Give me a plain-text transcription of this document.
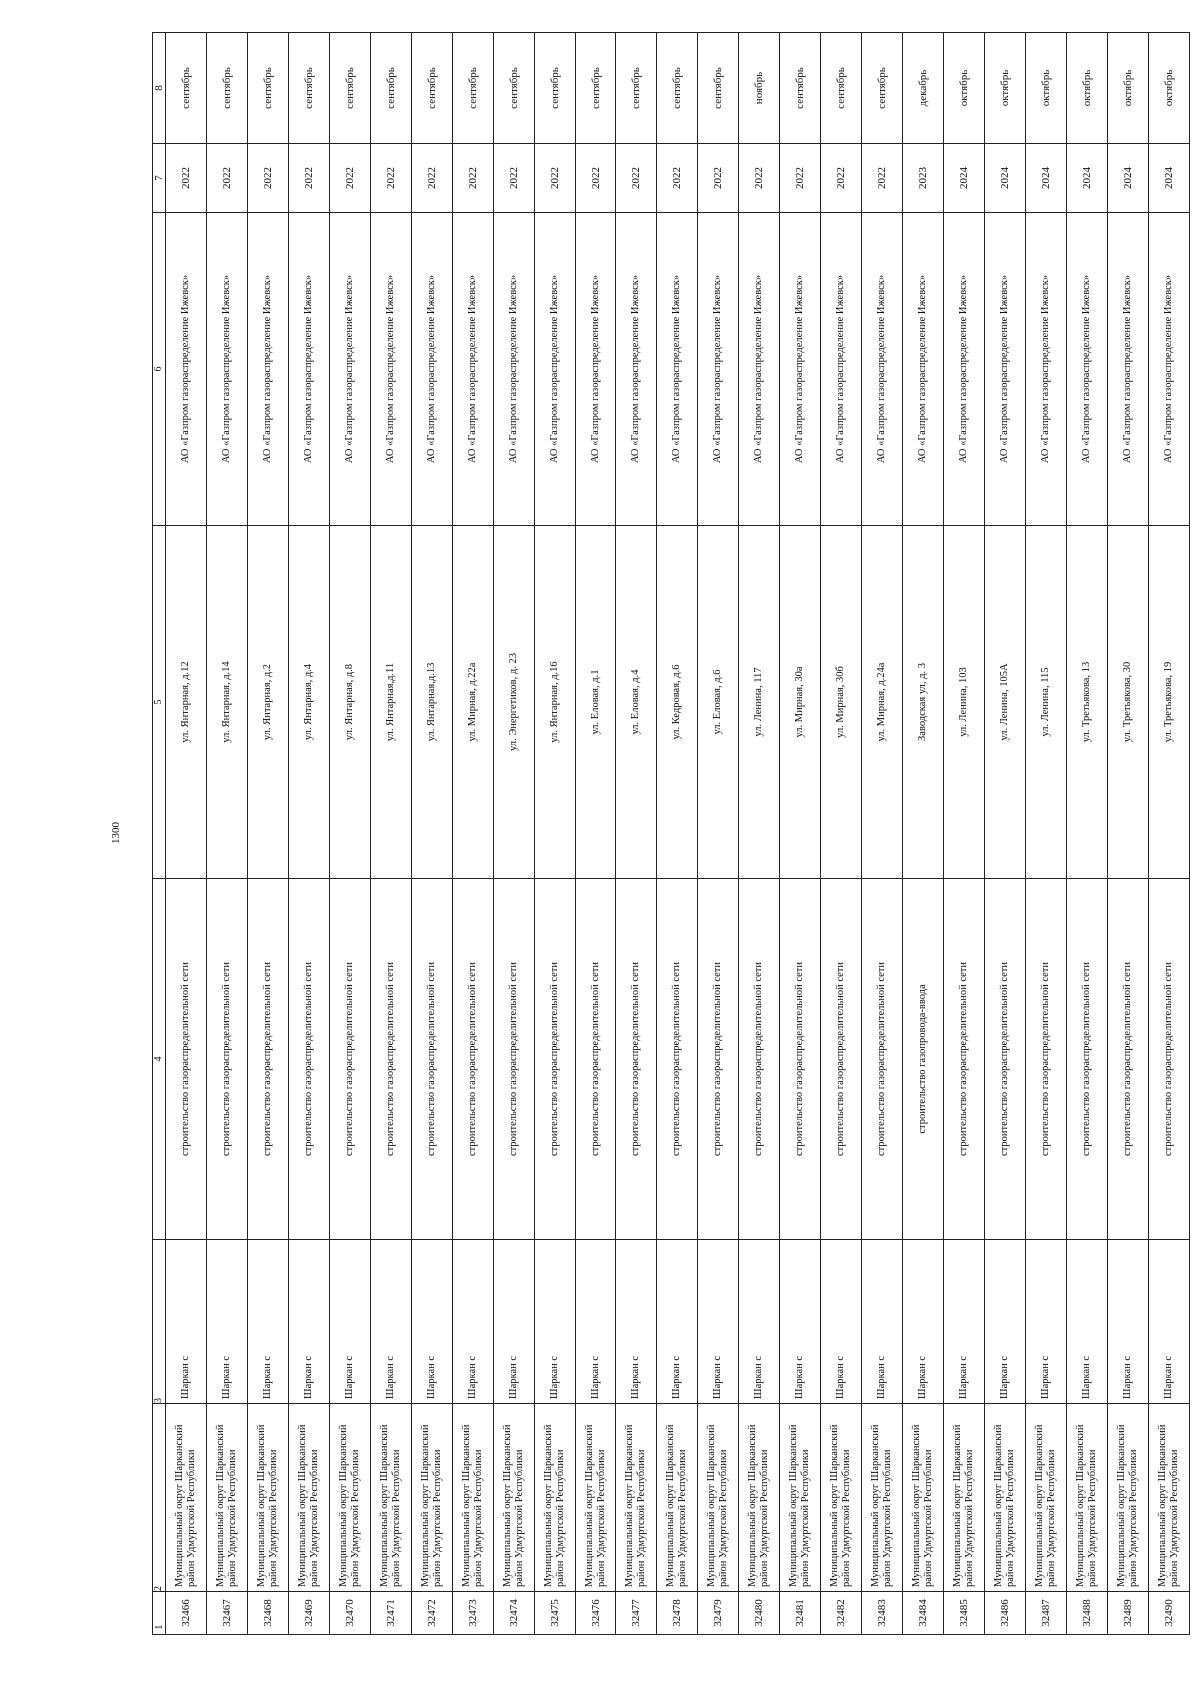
1300
1	2	3	4	5	6	7	8
32466	Муниципальный округ Шарканский район Удмуртской Республики	Шаркан с	строительство газораспределительной сети	ул. Янтарная, д.12	АО «Газпром газораспределение Ижевск»	2022	сентябрь
32467	Муниципальный округ Шарканский район Удмуртской Республики	Шаркан с	строительство газораспределительной сети	ул. Янтарная, д.14	АО «Газпром газораспределение Ижевск»	2022	сентябрь
32468	Муниципальный округ Шарканский район Удмуртской Республики	Шаркан с	строительство газораспределительной сети	ул. Янтарная, д.2	АО «Газпром газораспределение Ижевск»	2022	сентябрь
32469	Муниципальный округ Шарканский район Удмуртской Республики	Шаркан с	строительство газораспределительной сети	ул. Янтарная, д.4	АО «Газпром газораспределение Ижевск»	2022	сентябрь
32470	Муниципальный округ Шарканский район Удмуртской Республики	Шаркан с	строительство газораспределительной сети	ул. Янтарная, д.8	АО «Газпром газораспределение Ижевск»	2022	сентябрь
32471	Муниципальный округ Шарканский район Удмуртской Республики	Шаркан с	строительство газораспределительной сети	ул. Янтарная,д.11	АО «Газпром газораспределение Ижевск»	2022	сентябрь
32472	Муниципальный округ Шарканский район Удмуртской Республики	Шаркан с	строительство газораспределительной сети	ул. Янтарная,д.13	АО «Газпром газораспределение Ижевск»	2022	сентябрь
32473	Муниципальный округ Шарканский район Удмуртской Республики	Шаркан с	строительство газораспределительной сети	ул. Мирная, д.22а	АО «Газпром газораспределение Ижевск»	2022	сентябрь
32474	Муниципальный округ Шарканский район Удмуртской Республики	Шаркан с	строительство газораспределительной сети	ул. Энергетиков, д. 23	АО «Газпром газораспределение Ижевск»	2022	сентябрь
32475	Муниципальный округ Шарканский район Удмуртской Республики	Шаркан с	строительство газораспределительной сети	ул. Янтарная, д.16	АО «Газпром газораспределение Ижевск»	2022	сентябрь
32476	Муниципальный округ Шарканский район Удмуртской Республики	Шаркан с	строительство газораспределительной сети	ул. Еловая, д.1	АО «Газпром газораспределение Ижевск»	2022	сентябрь
32477	Муниципальный округ Шарканский район Удмуртской Республики	Шаркан с	строительство газораспределительной сети	ул. Еловая, д.4	АО «Газпром газораспределение Ижевск»	2022	сентябрь
32478	Муниципальный округ Шарканский район Удмуртской Республики	Шаркан с	строительство газораспределительной сети	ул. Кедровая, д.6	АО «Газпром газораспределение Ижевск»	2022	сентябрь
32479	Муниципальный округ Шарканский район Удмуртской Республики	Шаркан с	строительство газораспределительной сети	ул. Еловая, д.6	АО «Газпром газораспределение Ижевск»	2022	сентябрь
32480	Муниципальный округ Шарканский район Удмуртской Республики	Шаркан с	строительство газораспределительной сети	ул. Ленина, 117	АО «Газпром газораспределение Ижевск»	2022	ноябрь
32481	Муниципальный округ Шарканский район Удмуртской Республики	Шаркан с	строительство газораспределительной сети	ул. Мирная, 30а	АО «Газпром газораспределение Ижевск»	2022	сентябрь
32482	Муниципальный округ Шарканский район Удмуртской Республики	Шаркан с	строительство газораспределительной сети	ул. Мирная, 30б	АО «Газпром газораспределение Ижевск»	2022	сентябрь
32483	Муниципальный округ Шарканский район Удмуртской Республики	Шаркан с	строительство газораспределительной сети	ул. Мирная, д.24а	АО «Газпром газораспределение Ижевск»	2022	сентябрь
32484	Муниципальный округ Шарканский район Удмуртской Республики	Шаркан с	строительство газопровода-ввода	Заводская ул, д. 3	АО «Газпром газораспределение Ижевск»	2023	декабрь
32485	Муниципальный округ Шарканский район Удмуртской Республики	Шаркан с	строительство газораспределительной сети	ул. Ленина, 103	АО «Газпром газораспределение Ижевск»	2024	октябрь
32486	Муниципальный округ Шарканский район Удмуртской Республики	Шаркан с	строительство газораспределительной сети	ул. Ленина, 105А	АО «Газпром газораспределение Ижевск»	2024	октябрь
32487	Муниципальный округ Шарканский район Удмуртской Республики	Шаркан с	строительство газораспределительной сети	ул. Ленина, 115	АО «Газпром газораспределение Ижевск»	2024	октябрь
32488	Муниципальный округ Шарканский район Удмуртской Республики	Шаркан с	строительство газораспределительной сети	ул. Третьякова, 13	АО «Газпром газораспределение Ижевск»	2024	октябрь
32489	Муниципальный округ Шарканский район Удмуртской Республики	Шаркан с	строительство газораспределительной сети	ул. Третьякова, 30	АО «Газпром газораспределение Ижевск»	2024	октябрь
32490	Муниципальный округ Шарканский район Удмуртской Республики	Шаркан с	строительство газораспределительной сети	ул. Третьякова, 19	АО «Газпром газораспределение Ижевск»	2024	октябрь
